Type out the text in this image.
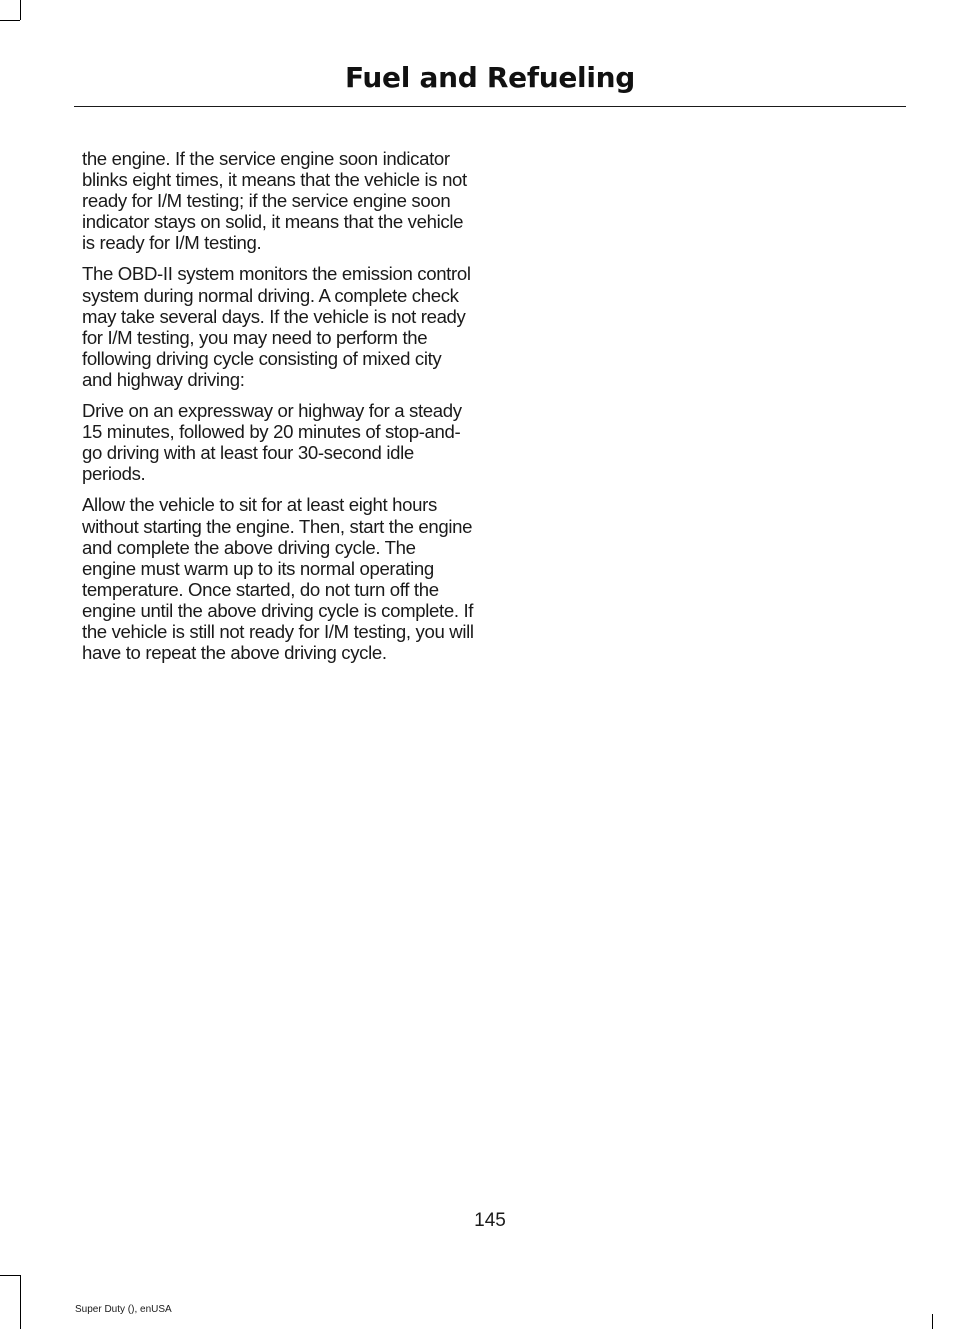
Fuel and Refueling

the engine. If the service engine soon indicator blinks eight times, it means that the vehicle is not ready for I/M testing; if the service engine soon indicator stays on solid, it means that the vehicle is ready for I/M testing.

The OBD-II system monitors the emission control system during normal driving. A complete check may take several days. If the vehicle is not ready for I/M testing, you may need to perform the following driving cycle consisting of mixed city and highway driving:

Drive on an expressway or highway for a steady 15 minutes, followed by 20 minutes of stop-and-go driving with at least four 30-second idle periods.

Allow the vehicle to sit for at least eight hours without starting the engine. Then, start the engine and complete the above driving cycle. The engine must warm up to its normal operating temperature. Once started, do not turn off the engine until the above driving cycle is complete. If the vehicle is still not ready for I/M testing, you will have to repeat the above driving cycle.

145
Super Duty (), enUSA
